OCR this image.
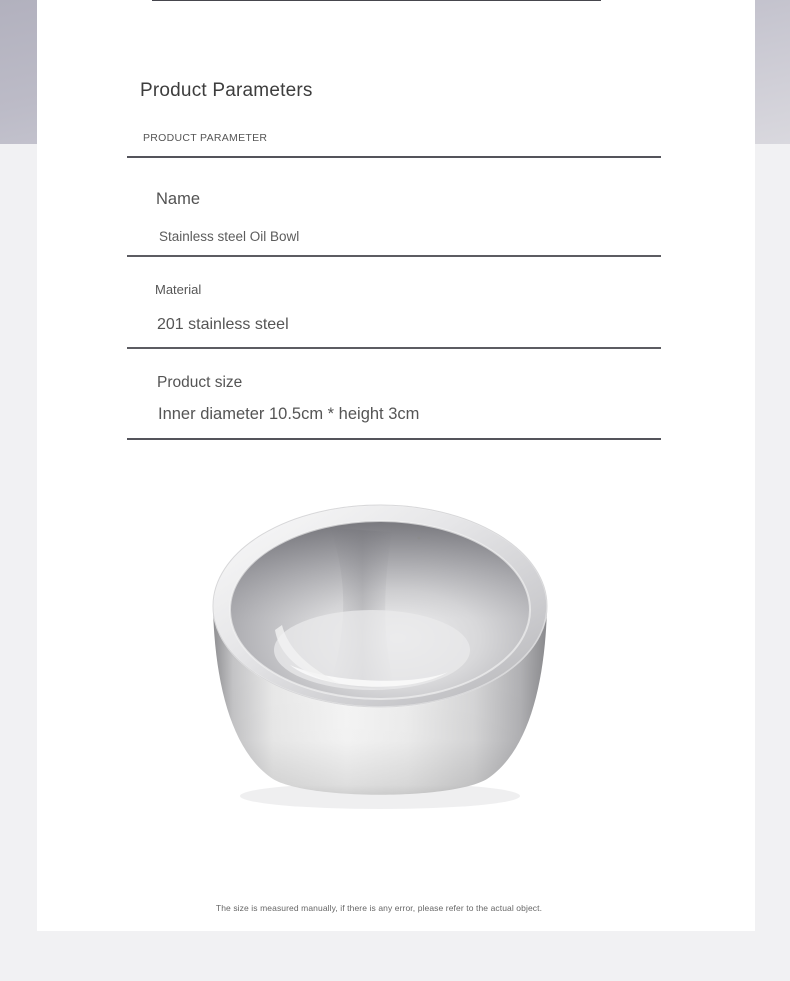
Product Parameters
PRODUCT PARAMETER
Name
Stainless steel Oil Bowl
Material
201 stainless steel
Product size
Inner diameter 10.5cm * height 3cm
The size is measured manually, if there is any error, please refer to the actual object.
